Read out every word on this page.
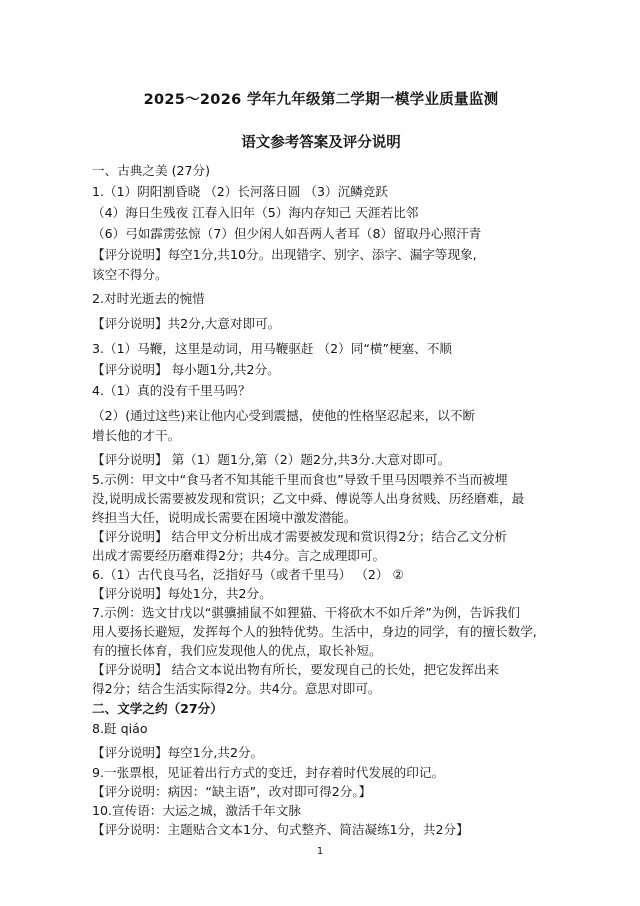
2025～2026 学年九年级第二学期一模学业质量监测

语文参考答案及评分说明

一、古典之美 (27分)

1.（1）阴阳割昏晓 （2）长河落日圆 （3）沉鳞竞跃

（4）海日生残夜 江春入旧年（5）海内存知己 天涯若比邻

（6）弓如霹雳弦惊（7）但少闲人如吾两人者耳（8）留取丹心照汗青

【评分说明】每空1分,共10分。出现错字、别字、添字、漏字等现象,

该空不得分。

2.对时光逝去的惋惜

【评分说明】共2分,大意对即可。

3.（1）马鞭，这里是动词，用马鞭驱赶 （2）同“横”梗塞、不顺

【评分说明】 每小题1分,共2分。

4.（1）真的没有千里马吗？

（2）(通过这些)来让他内心受到震撼，使他的性格坚忍起来，以不断

增长他的才干。

【评分说明】 第（1）题1分,第（2）题2分,共3分.大意对即可。

5.示例：甲文中“食马者不知其能千里而食也”导致千里马因喂养不当而被埋

没,说明成长需要被发现和赏识；乙文中舜、傅说等人出身贫贱、历经磨难，最

终担当大任，说明成长需要在困境中激发潜能。

【评分说明】 结合甲文分析出成才需要被发现和赏识得2分；结合乙文分析

出成才需要经历磨难得2分；共4分。言之成理即可。

6.（1）古代良马名，泛指好马（或者千里马） （2） ②

【评分说明】每处1分，共2分。

7.示例：选文甘戊以“骐骥捕鼠不如狸猫、干将砍木不如斤斧”为例，告诉我们

用人要扬长避短，发挥每个人的独特优势。生活中，身边的同学，有的擅长数学,

有的擅长体育，我们应发现他人的优点，取长补短。

【评分说明】 结合文本说出物有所长，要发现自己的长处，把它发挥出来

得2分；结合生活实际得2分。共4分。意思对即可。

二、文学之约（27分）

8.跹 qiáo

【评分说明】每空1分,共2分。

9.一张票根，见证着出行方式的变迁，封存着时代发展的印记。

【评分说明：病因：“缺主语”，改对即可得2分。】

10.宣传语：大运之城，激活千年文脉

【评分说明：主题贴合文本1分、句式整齐、简洁凝练1分，共2分】

1
